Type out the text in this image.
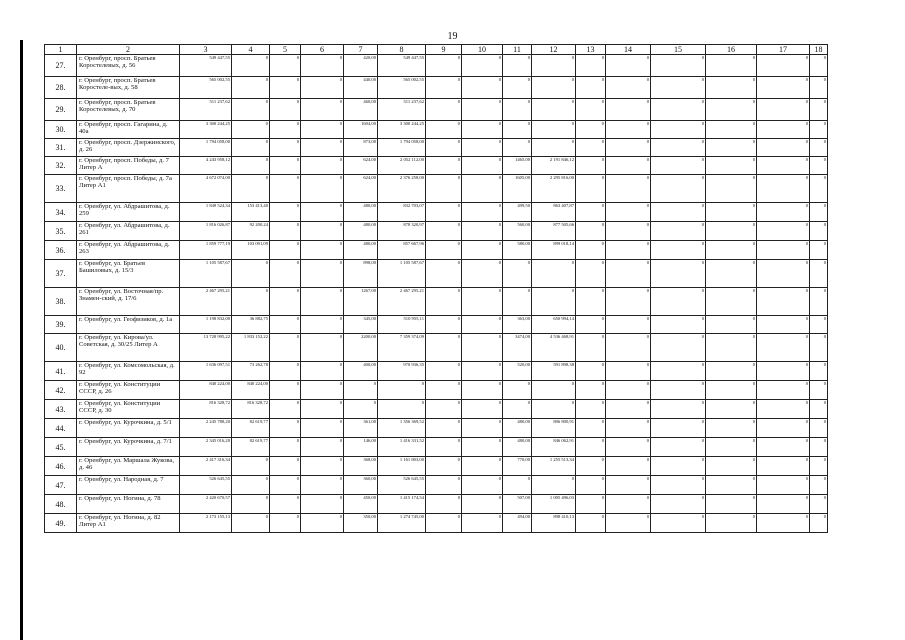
19
1	2	3	4	5	6	7	8	9	10	11	12	13	14	15	16	17	18
27.	г. Оренбург, просп. Братьев Коростелевых, д. 56	549 447,55	0	0	0	420,00	549 447,55	0	0	0	0	0	0	0	0	0	0
28.	г. Оренбург, просп. Братьев Коростеле-вых, д. 58	565 002,55	0	0	0	440,00	565 002,55	0	0	0	0	0	0	0	0	0	0
29.	г. Оренбург, просп. Братьев Коростелевых, д. 70	511 237,62	0	0	0	460,00	511 237,62	0	0	0	0	0	0	0	0	0	0
30.	г. Оренбург, просп. Гагарина, д. 40а	3 300 244,25	0	0	0	1604,00	3 300 244,25	0	0	0	0	0	0	0	0	0	0
31.	г. Оренбург, просп. Дзержинского, д. 26	1 794 058,00	0	0	0	873,00	1 794 058,00	0	0	0	0	0	0	0	0	0	0
32.	г. Оренбург, просп. Победы, д. 7 Литер А	4 243 958,12	0	0	0	624,00	2 052 112,00	0	0	1465,00	2 191 846,12	0	0	0	0	0	0
33.	г. Оренбург, просп. Победы, д. 7а Литер А1	4 672 074,00	0	0	0	624,00	2 376 258,00	0	0	1605,00	2 295 816,00	0	0	0	0	0	0
34.	г. Оренбург, ул. Абдрашитова, д. 259	1 849 524,34	153 413,40	0	0	480,00	832 703,07	0	0	499,50	863 407,87	0	0	0	0	0	0
35.	г. Оренбург, ул. Абдрашитова, д. 261	1 816 026,87	92 200,24	0	0	480,00	878 320,97	0	0	560,00	877 505,66	0	0	0	0	0	0
36.	г. Оренбург, ул. Абдрашитова, д. 263	1 859 777,19	103 091,09	0	0	480,00	857 667,96	0	0	580,00	899 018,14	0	0	0	0	0	0
37.	г. Оренбург, ул. Братьев Башиловых, д. 15/3	1 105 587,67	0	0	0	898,00	1 105 587,67	0	0	0	0	0	0	0	0	0	0
38.	г. Оренбург, ул. Восточная/пр. Знамен-ский, д. 17/6	2 467 295,21	0	0	0	1267,00	2 467 295,21	0	0	0	0	0	0	0	0	0	0
39.	г. Оренбург, ул. Геофизиков, д. 1а	1 198 832,00	36 882,75	0	0	345,00	510 955,11	0	0	363,00	650 994,14	0	0	0	0	0	0
40.	г. Оренбург, ул. Кирова/ул. Советская, д. 30/25 Литер А	13 728 995,22	1 833 152,22	0	0	2200,00	7 359 374,09	0	0	3474,00	4 536 468,91	0	0	0	0	0	0
41.	г. Оренбург, ул. Комсомольская, д. 92	1 636 097,51	73 262,78	0	0	400,00	970 936,35	0	0	520,00	591 898,38	0	0	0	0	0	0
42.	г. Оренбург, ул. Конституции СССР, д. 26	840 224,00	840 224,00	0	0	0	0	0	0	0	0	0	0	0	0	0	0
43.	г. Оренбург, ул. Конституции СССР, д. 30	816 328,72	816 328,72	0	0	0	0	0	0	0	0	0	0	0	0	0	0
44.	г. Оренбург, ул. Курочкина, д. 5/1	2 245 788,20	82 619,77	0	0	361,00	1 356 369,52	0	0	480,00	806 800,91	0	0	0	0	0	0
45.	г. Оренбург, ул. Курочкина, д. 7/1	2 345 016,20	82 619,77	0	0	146,00	1 416 331,52	0	0	480,00	846 062,91	0	0	0	0	0	0
46.	г. Оренбург, ул. Маршала Жукова, д. 46	2 417 316,34	0	0	0	368,00	1 161 803,00	0	0	770,00	1 255 513,34	0	0	0	0	0	0
47.	г. Оренбург, ул. Народная, д. 7	526 645,55	0	0	0	360,00	526 645,55	0	0	0	0	0	0	0	0	0	0
48.	г. Оренбург, ул. Ногина, д. 78	2 420 670,57	0	0	0	450,00	1 415 174,54	0	0	507,00	1 005 496,03	0	0	0	0	0	0
49.	г. Оренбург, ул. Ногина, д. 82 Литер А1	2 173 155,13	0	0	0	350,00	1 274 745,00	0	0	494,00	898 410,13	0	0	0	0	0	0
